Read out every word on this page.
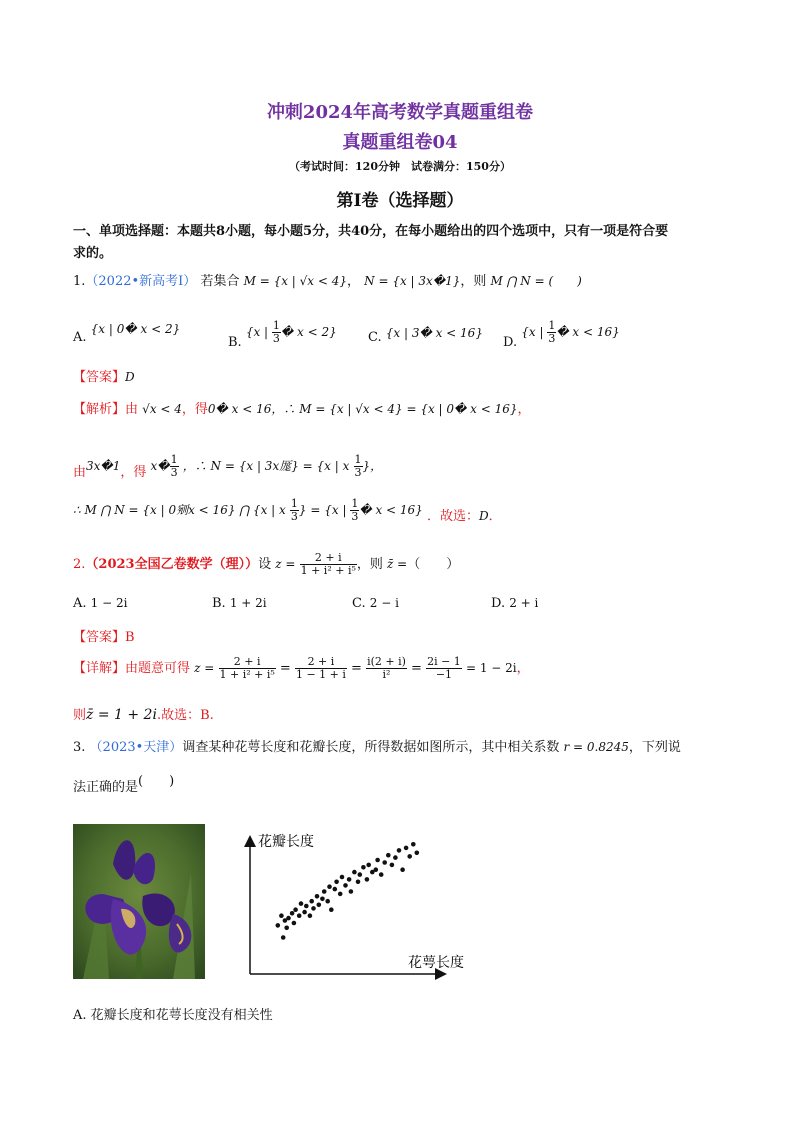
冲刺2024年高考数学真题重组卷
真题重组卷04
（考试时间：120分钟　试卷满分：150分）
第I卷（选择题）
一、单项选择题：本题共8小题，每小题5分，共40分，在每小题给出的四个选项中，只有一项是符合要
求的。
1.（2022•新高考Ⅰ） 若集合 M = {x | √x < 4}， N = {x | 3x�1}，则 M ⋂ N = (　　)
A. {x | 0� x < 2}
B. {x | $\frac{1}{3}$ � x < 2} C. {x | 3� x < 16}
D. {x | $\frac{1}{3}$ � x < 16}
【答案】D
【解析】由 √x < 4，得0� x < 16，∴ M = {x | √x < 4} = {x | 0� x < 16}，
由3x�1，得 x� $\frac{1}{3}$ ，∴ N = {x | 3x厖} = {x | x $\frac{1}{3}$ }，
∴ M ⋂ N = {x | 0剜x < 16} ⋂ {x | x $\frac{1}{3}$ } = {x | $\frac{1}{3}$ � x < 16} ．故选：D．
2.（2023全国乙卷数学（理））设 $z = \frac{2 + i}{\text{1 + i² + i⁵}}$ ，则 z̄ =（　　）
A. 1 − 2i	B. 1 + 2i	C. 2 − i	D. 2 + i
【答案】B
【详解】由题意可得 $z = \frac{2 + i}{\text{1 + i² + i⁵}} = \frac{2 + i}{1 - 1 + i} = \frac{i(2 + i)}{\text{i²}} = \frac{2i - 1}{-1} = 1 - 2i$，
则z̄ = 1 + 2i.故选：B.
3. （2023•天津）调查某种花萼长度和花瓣长度，所得数据如图所示，其中相关系数 r = 0.8245，下列说
法正确的是(　　)
花瓣长度
花萼长度
A. 花瓣长度和花萼长度没有相关性
